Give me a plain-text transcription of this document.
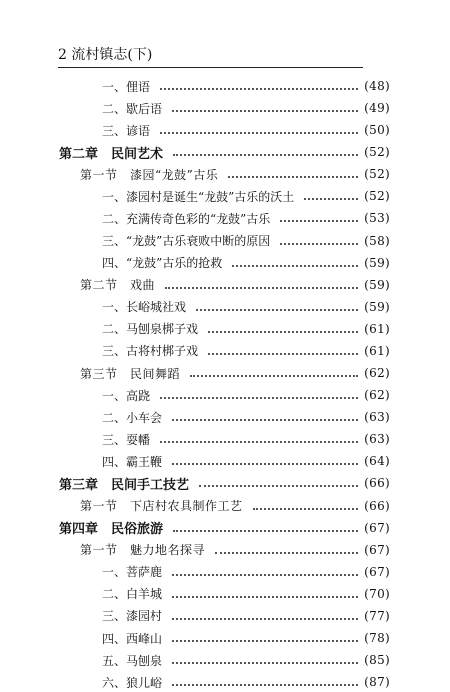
2 流村镇志(下)
一、俚语	(48)
二、歇后语	(49)
三、谚语	(50)
第二章　民间艺术	(52)
第一节　漆园“龙鼓”古乐	(52)
一、漆园村是诞生“龙鼓”古乐的沃土	(52)
二、充满传奇色彩的“龙鼓”古乐	(53)
三、“龙鼓”古乐衰败中断的原因	(58)
四、“龙鼓”古乐的抢救	(59)
第二节　戏曲	(59)
一、长峪城社戏	(59)
二、马刨泉梆子戏	(61)
三、古将村梆子戏	(61)
第三节　民间舞蹈	(62)
一、高跷	(62)
二、小车会	(63)
三、耍幡	(63)
四、霸王鞭	(64)
第三章　民间手工技艺	(66)
第一节　下店村农具制作工艺	(66)
第四章　民俗旅游	(67)
第一节　魅力地名探寻	(67)
一、菩萨鹿	(67)
二、白羊城	(70)
三、漆园村	(77)
四、西峰山	(78)
五、马刨泉	(85)
六、狼儿峪	(87)
